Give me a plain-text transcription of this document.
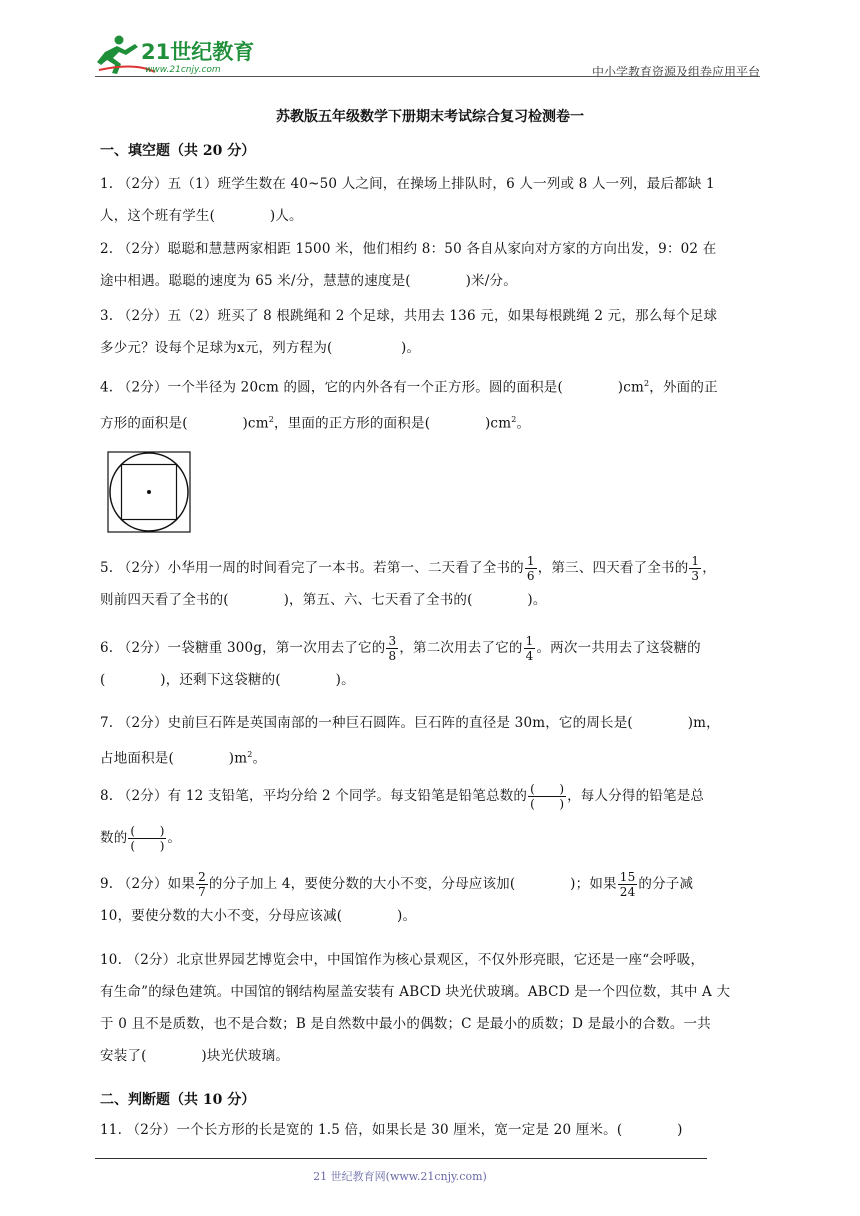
21世纪教育
www.21cnjy.com	中小学教育资源及组卷应用平台
苏教版五年级数学下册期末考试综合复习检测卷一
一、填空题（共 20 分）
1. （2分）五（1）班学生数在 40~50 人之间，在操场上排队时，6 人一列或 8 人一列，最后都缺 1
人，这个班有学生(　　　　)人。
2. （2分）聪聪和慧慧两家相距 1500 米，他们相约 8：50 各自从家向对方家的方向出发，9：02 在
途中相遇。聪聪的速度为 65 米/分，慧慧的速度是(　　　　)米/分。
3. （2分）五（2）班买了 8 根跳绳和 2 个足球，共用去 136 元，如果每根跳绳 2 元，那么每个足球
多少元？设每个足球为x元，列方程为(　　　　　)。
4. （2分）一个半径为 20cm 的圆，它的内外各有一个正方形。圆的面积是(　　　　)$cm^2$，外面的正
方形的面积是(　　　　)$cm^2$，里面的正方形的面积是(　　　　)$cm^2$。
5. （2分）小华用一周的时间看完了一本书。若第一、二天看了全书的 $\frac{1}{6}$ ，第三、四天看了全书的 $\frac{1}{3}$ ，
则前四天看了全书的(　　　　)，第五、六、七天看了全书的(　　　　)。
6. （2分）一袋糖重 300g，第一次用去了它的 $\frac{3}{8}$ ，第二次用去了它的 $\frac{1}{4}$ 。两次一共用去了这袋糖的
(　　　　)，还剩下这袋糖的(　　　　)。
7. （2分）史前巨石阵是英国南部的一种巨石圆阵。巨石阵的直径是 30m，它的周长是(　　　　)m，
占地面积是(　　　　)$m^2$。
8. （2分）有 12 支铅笔，平均分给 2 个同学。每支铅笔是铅笔总数的 $\frac{( )}{( )}$ ，每人分得的铅笔是总
数的 $\frac{( )}{( )}$ 。
9. （2分）如果 $\frac{2}{7}$ 的分子加上 4，要使分数的大小不变，分母应该加(　　　　)；如果 $\frac{15}{24}$ 的分子减
10，要使分数的大小不变，分母应该减(　　　　)。
10. （2分）北京世界园艺博览会中，中国馆作为核心景观区，不仅外形亮眼，它还是一座“会呼吸，
有生命”的绿色建筑。中国馆的钢结构屋盖安装有 ABCD 块光伏玻璃。ABCD 是一个四位数，其中 A 大
于 0 且不是质数，也不是合数；B 是自然数中最小的偶数；C 是最小的质数；D 是最小的合数。一共
安装了(　　　　)块光伏玻璃。
二、判断题（共 10 分）
11. （2分）一个长方形的长是宽的 1.5 倍，如果长是 30 厘米，宽一定是 20 厘米。(　　　　)
21 世纪教育网(www.21cnjy.com)
